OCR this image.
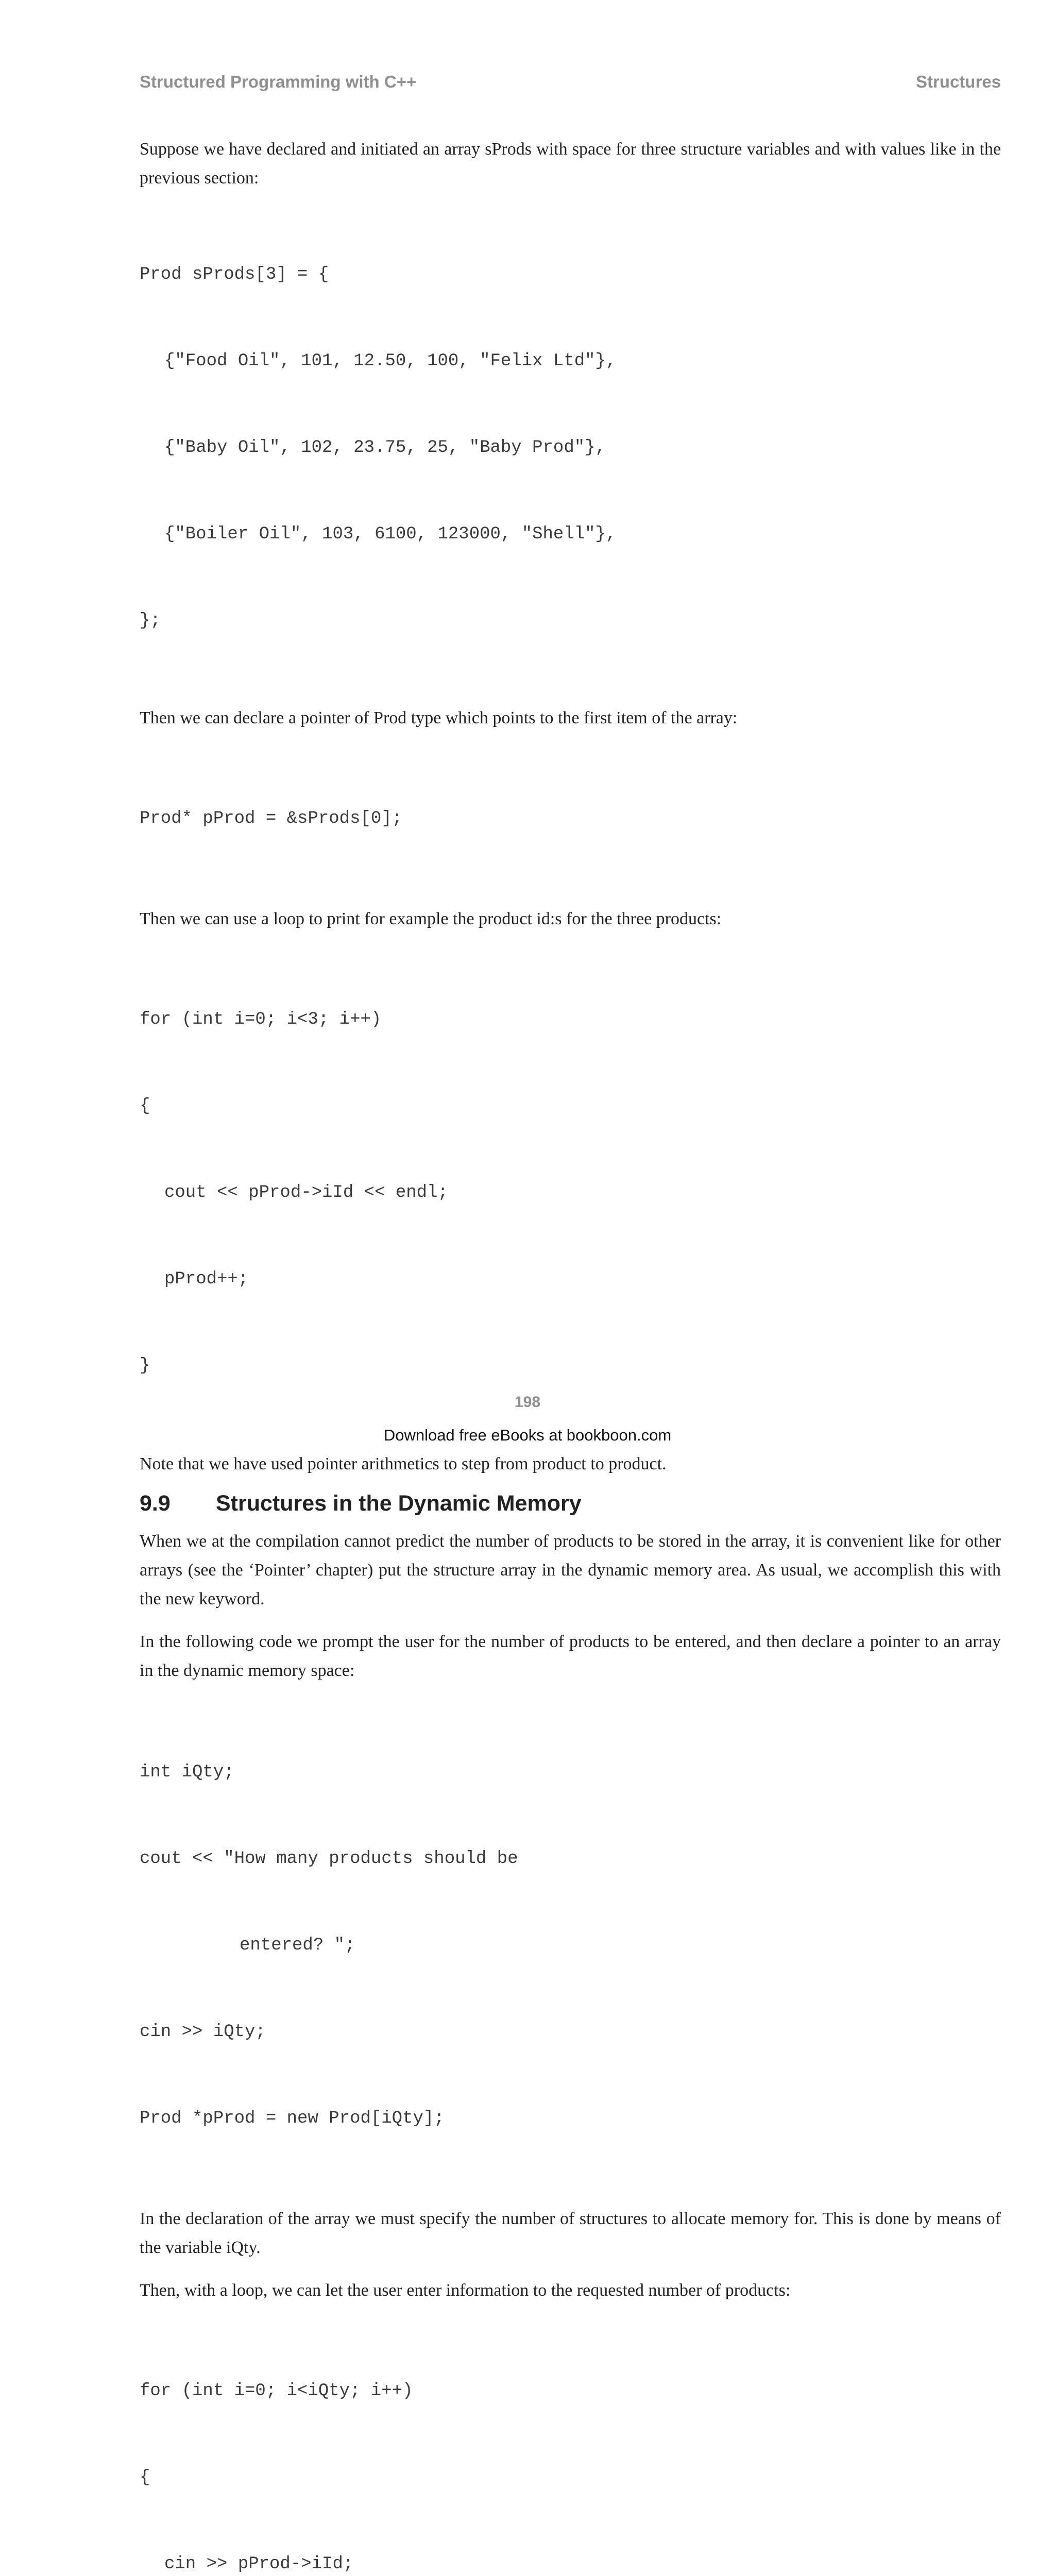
Structured Programming with C++	Structures

Suppose we have declared and initiated an array sProds with space for three structure variables and with values like in the previous section:

Prod sProds[3] = {

{"Food Oil", 101, 12.50, 100, "Felix Ltd"},

{"Baby Oil", 102, 23.75, 25, "Baby Prod"},

{"Boiler Oil", 103, 6100, 123000, "Shell"},

};

Then we can declare a pointer of Prod type which points to the first item of the array:

Prod* pProd = &sProds[0];

Then we can use a loop to print for example the product id:s for the three products:

for (int i=0; i<3; i++)

{

cout << pProd->iId << endl;

pProd++;

}

Note that we have used pointer arithmetics to step from product to product.

9.9	Structures in the Dynamic Memory

When we at the compilation cannot predict the number of products to be stored in the array, it is convenient like for other arrays (see the ‘Pointer’ chapter) put the structure array in the dynamic memory area. As usual, we accomplish this with the new keyword.

In the following code we prompt the user for the number of products to be entered, and then declare a pointer to an array in the dynamic memory space:

int iQty;

cout << "How many products should be

entered? ";

cin >> iQty;

Prod *pProd = new Prod[iQty];

In the declaration of the array we must specify the number of structures to allocate memory for. This is done by means of the variable iQty.

Then, with a loop, we can let the user enter information to the requested number of products:

for (int i=0; i<iQty; i++)

{

cin >> pProd->iId;

198
Download free eBooks at bookboon.com
